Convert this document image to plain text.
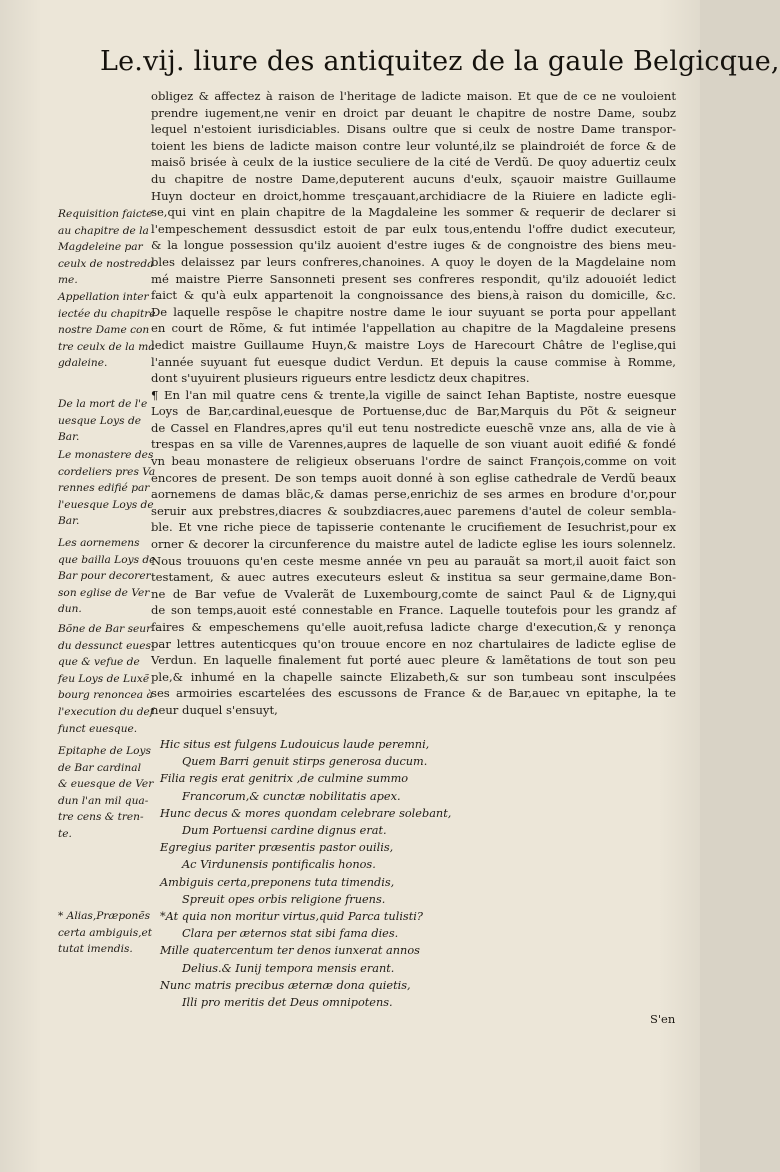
Le.vij. liure des antiquitez de la gaule Belgicque,
obligez & affectez à raison de l'heritage de ladicte maison. Et que de ce ne vouloient
prendre iugement,ne venir en droict par deuant le chapitre de nostre Dame, soubz
lequel n'estoient iurisdiciables. Disans oultre que si ceulx de nostre Dame transpor-
toient les biens de ladicte maison contre leur volunté,ilz se plaindroiét de force & de
maisõ brisée à ceulx de la iustice seculiere de la cité de Verdũ. De quoy aduertiz ceulx
du chapitre de nostre Dame,deputerent aucuns d'eulx, sçauoir maistre Guillaume
Huyn docteur en droict,homme tresçauant,archidiacre de la Riuiere en ladicte egli-
se,qui vint en plain chapitre de la Magdaleine les sommer & requerir de declarer si
l'empeschement dessusdict estoit de par eulx tous,entendu l'offre dudict executeur,
& la longue possession qu'ilz auoient d'estre iuges & de congnoistre des biens meu-
bles delaissez par leurs confreres,chanoines. A quoy le doyen de la Magdelaine nom
mé maistre Pierre Sansonneti present ses confreres respondit, qu'ilz adouoiét ledict
faict & qu'à eulx appartenoit la congnoissance des biens,à raison du domicille, &c.
De laquelle respõse le chapitre nostre dame le iour suyuant se porta pour appellant
en court de Rõme, & fut intimée l'appellation au chapitre de la Magdaleine presens
ledict maistre Guillaume Huyn,& maistre Loys de Harecourt Châtre de l'eglise,qui
l'année suyuant fut euesque dudict Verdun. Et depuis la cause commise à Romme,
dont s'uyuirent plusieurs rigueurs entre lesdictz deux chapitres.
¶ En l'an mil quatre cens & trente,la vigille de sainct Iehan Baptiste, nostre euesque
Loys de Bar,cardinal,euesque de Portuense,duc de Bar,Marquis du Põt & seigneur
de Cassel en Flandres,apres qu'il eut tenu nostredicte eueschẽ vnze ans, alla de vie à
trespas en sa ville de Varennes,aupres de laquelle de son viuant auoit edifié & fondé
vn beau monastere de religieux obseruans l'ordre de sainct François,comme on voit
encores de present. De son temps auoit donné à son eglise cathedrale de Verdũ beaux
aornemens de damas blãc,& damas perse,enrichiz de ses armes en brodure d'or,pour
seruir aux prebstres,diacres & soubzdiacres,auec paremens d'autel de coleur sembla-
ble. Et vne riche piece de tapisserie contenante le crucifiement de Iesuchrist,pour ex
orner & decorer la circunference du maistre autel de ladicte eglise les iours solennelz.
Nous trouuons qu'en ceste mesme année vn peu au parauãt sa mort,il auoit faict son
testament, & auec autres executeurs esleut & institua sa seur germaine,dame Bon-
ne de Bar vefue de Vvalerãt de Luxembourg,comte de sainct Paul & de Ligny,qui
de son temps,auoit esté connestable en France. Laquelle toutefois pour les grandz af
faires & empeschemens qu'elle auoit,refusa ladicte charge d'execution,& y renonça
par lettres autenticques qu'on trouue encore en noz chartulaires de ladicte eglise de
Verdun. En laquelle finalement fut porté auec pleure & lamẽtations de tout son peu
ple,& inhumé en la chapelle saincte Elizabeth,& sur son tumbeau sont insculpées
ses armoiries escartelées des escussons de France & de Bar,auec vn epitaphe, la te
neur duquel s'ensuyt,
Hic situs est fulgens Ludouicus laude peremni,
Quem Barri genuit stirps generosa ducum.
Filia regis erat genitrix ,de culmine summo
Francorum,& cunctæ nobilitatis apex.
Hunc decus & mores quondam celebrare solebant,
Dum Portuensi cardine dignus erat.
Egregius pariter præsentis pastor ouilis,
Ac Virdunensis pontificalis honos.
Ambiguis certa,preponens tuta timendis,
Spreuit opes orbis religione fruens.
*At quia non moritur virtus,quid Parca tulisti?
Clara per æternos stat sibi fama dies.
Mille quatercentum ter denos iunxerat annos
Delius.& Iunij tempora mensis erant.
Nunc matris precibus æternæ dona quietis,
Illi pro meritis det Deus omnipotens.
Requisition faicte
au chapitre de la
Magdeleine par
ceulx de nostreda
me.
Appellation inter
iectée du chapitre
nostre Dame con
tre ceulx de la ma
gdaleine.
De la mort de l'e
uesque Loys de
Bar.
Le monastere des
cordeliers pres Va
rennes edifié par
l'euesque Loys de
Bar.
Les aornemens
que bailla Loys de
Bar pour decorer
son eglise de Ver
dun.
Bõne de Bar seur
du dessunct eues-
que & vefue de
feu Loys de Luxẽ
bourg renoncea à
l'execution du def
funct euesque.
Epitaphe de Loys
de Bar cardinal
& euesque de Ver
dun l'an mil qua-
tre cens & tren-
te.
* Alias,Præponẽs
certa ambiguis,et
tutat imendis.
S'en
